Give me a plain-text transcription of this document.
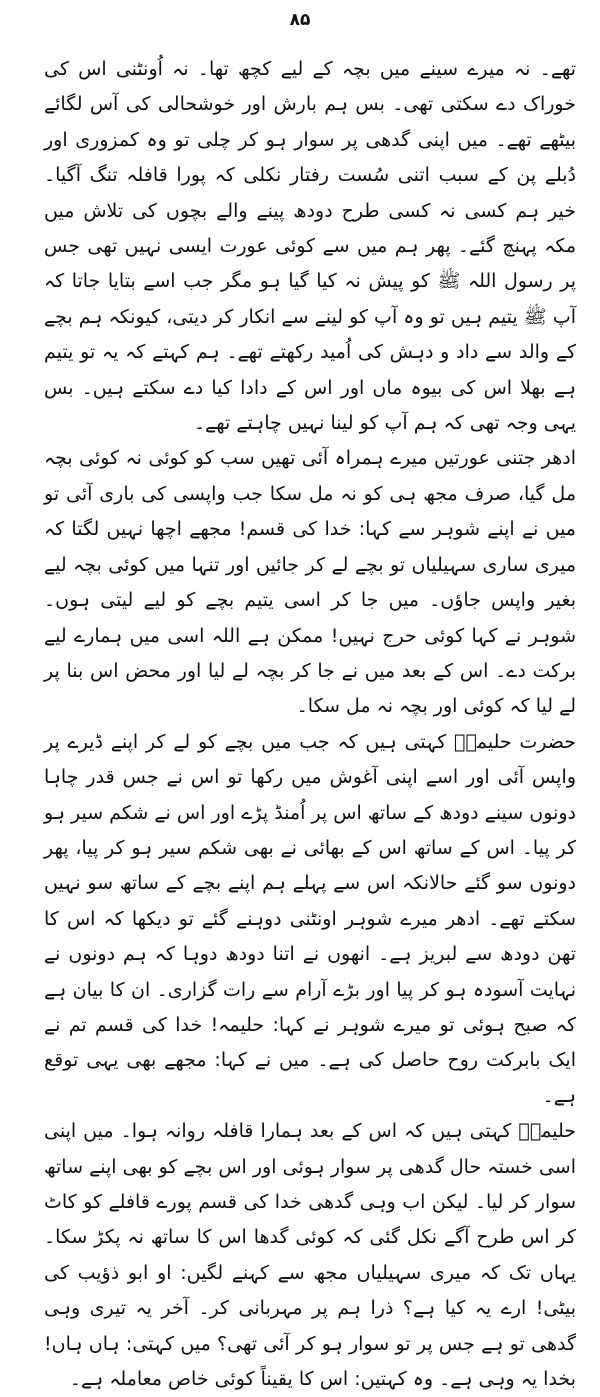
۸۵

تھے۔ نہ میرے سینے میں بچہ کے لیے کچھ تھا۔ نہ اُونٹنی اس کی خوراک دے سکتی تھی۔ بس ہم بارش اور خوشحالی کی آس لگائے بیٹھے تھے۔ میں اپنی گدھی پر سوار ہو کر چلی تو وہ کمزوری اور دُبلے پن کے سبب اتنی سُست رفتار نکلی کہ پورا قافلہ تنگ آگیا۔ خیر ہم کسی نہ کسی طرح دودھ پینے والے بچوں کی تلاش میں مکہ پہنچ گئے۔ پھر ہم میں سے کوئی عورت ایسی نہیں تھی جس پر رسول اللہ ﷺ کو پیش نہ کیا گیا ہو مگر جب اسے بتایا جاتا کہ آپ ﷺ یتیم ہیں تو وہ آپ کو لینے سے انکار کر دیتی، کیونکہ ہم بچے کے والد سے داد و دہش کی اُمید رکھتے تھے۔ ہم کہتے کہ یہ تو یتیم ہے بھلا اس کی بیوہ ماں اور اس کے دادا کیا دے سکتے ہیں۔ بس یہی وجہ تھی کہ ہم آپ کو لینا نہیں چاہتے تھے۔

ادھر جتنی عورتیں میرے ہمراہ آئی تھیں سب کو کوئی نہ کوئی بچہ مل گیا، صرف مجھ ہی کو نہ مل سکا جب واپسی کی باری آئی تو میں نے اپنے شوہر سے کہا: خدا کی قسم! مجھے اچھا نہیں لگتا کہ میری ساری سہیلیاں تو بچے لے کر جائیں اور تنہا میں کوئی بچہ لیے بغیر واپس جاؤں۔ میں جا کر اسی یتیم بچے کو لیے لیتی ہوں۔ شوہر نے کہا کوئی حرج نہیں! ممکن ہے اللہ اسی میں ہمارے لیے برکت دے۔ اس کے بعد میں نے جا کر بچہ لے لیا اور محض اس بنا پر لے لیا کہ کوئی اور بچہ نہ مل سکا۔

حضرت حلیمہؓ کہتی ہیں کہ جب میں بچے کو لے کر اپنے ڈیرے پر واپس آئی اور اسے اپنی آغوش میں رکھا تو اس نے جس قدر چاہا دونوں سینے دودھ کے ساتھ اس پر اُمنڈ پڑے اور اس نے شکم سیر ہو کر پیا۔ اس کے ساتھ اس کے بھائی نے بھی شکم سیر ہو کر پیا، پھر دونوں سو گئے حالانکہ اس سے پہلے ہم اپنے بچے کے ساتھ سو نہیں سکتے تھے۔ ادھر میرے شوہر اونٹنی دوہنے گئے تو دیکھا کہ اس کا تھن دودھ سے لبریز ہے۔ انھوں نے اتنا دودھ دوہا کہ ہم دونوں نے نہایت آسودہ ہو کر پیا اور بڑے آرام سے رات گزاری۔ ان کا بیان ہے کہ صبح ہوئی تو میرے شوہر نے کہا: حلیمہ! خدا کی قسم تم نے ایک بابرکت روح حاصل کی ہے۔ میں نے کہا: مجھے بھی یہی توقع ہے۔

حلیمہؓ کہتی ہیں کہ اس کے بعد ہمارا قافلہ روانہ ہوا۔ میں اپنی اسی خستہ حال گدھی پر سوار ہوئی اور اس بچے کو بھی اپنے ساتھ سوار کر لیا۔ لیکن اب وہی گدھی خدا کی قسم پورے قافلے کو کاٹ کر اس طرح آگے نکل گئی کہ کوئی گدھا اس کا ساتھ نہ پکڑ سکا۔ یہاں تک کہ میری سہیلیاں مجھ سے کہنے لگیں: او ابو ذؤیب کی بیٹی! ارے یہ کیا ہے؟ ذرا ہم پر مہربانی کر۔ آخر یہ تیری وہی گدھی تو ہے جس پر تو سوار ہو کر آئی تھی؟ میں کہتی: ہاں ہاں! بخدا یہ وہی ہے۔ وہ کہتیں: اس کا یقیناً کوئی خاص معاملہ ہے۔
